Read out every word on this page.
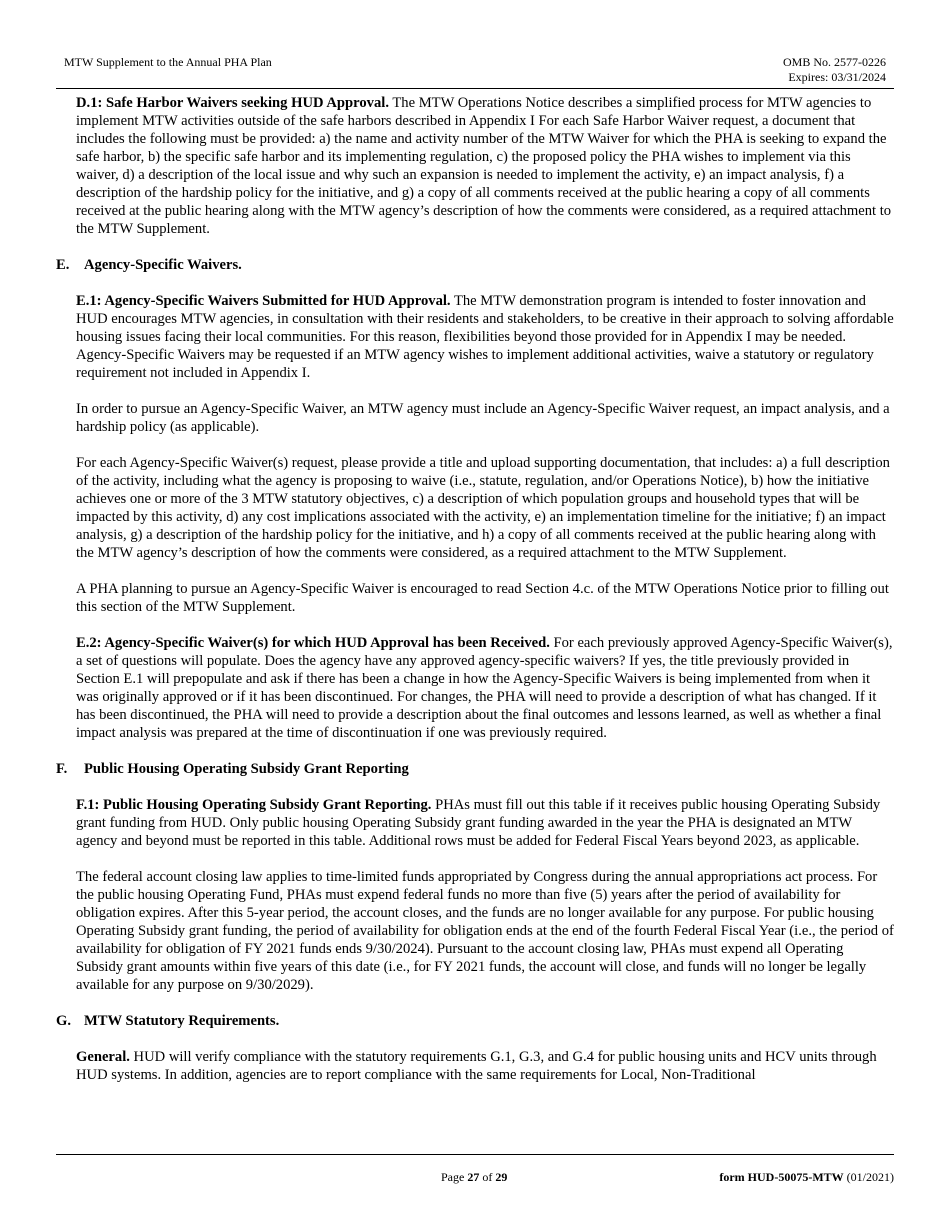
MTW Supplement to the Annual PHA Plan	OMB No. 2577-0226
Expires: 03/31/2024

D.1: Safe Harbor Waivers seeking HUD Approval. The MTW Operations Notice describes a simplified process for MTW agencies to implement MTW activities outside of the safe harbors described in Appendix I For each Safe Harbor Waiver request, a document that includes the following must be provided: a) the name and activity number of the MTW Waiver for which the PHA is seeking to expand the safe harbor, b) the specific safe harbor and its implementing regulation, c) the proposed policy the PHA wishes to implement via this waiver, d) a description of the local issue and why such an expansion is needed to implement the activity, e) an impact analysis, f) a description of the hardship policy for the initiative, and g) a copy of all comments received at the public hearing a copy of all comments received at the public hearing along with the MTW agency’s description of how the comments were considered, as a required attachment to the MTW Supplement.

E. Agency-Specific Waivers.

E.1: Agency-Specific Waivers Submitted for HUD Approval. The MTW demonstration program is intended to foster innovation and HUD encourages MTW agencies, in consultation with their residents and stakeholders, to be creative in their approach to solving affordable housing issues facing their local communities. For this reason, flexibilities beyond those provided for in Appendix I may be needed. Agency-Specific Waivers may be requested if an MTW agency wishes to implement additional activities, waive a statutory or regulatory requirement not included in Appendix I.

In order to pursue an Agency-Specific Waiver, an MTW agency must include an Agency-Specific Waiver request, an impact analysis, and a hardship policy (as applicable).

For each Agency-Specific Waiver(s) request, please provide a title and upload supporting documentation, that includes: a) a full description of the activity, including what the agency is proposing to waive (i.e., statute, regulation, and/or Operations Notice), b) how the initiative achieves one or more of the 3 MTW statutory objectives, c) a description of which population groups and household types that will be impacted by this activity, d) any cost implications associated with the activity, e) an implementation timeline for the initiative; f) an impact analysis, g) a description of the hardship policy for the initiative, and h) a copy of all comments received at the public hearing along with the MTW agency’s description of how the comments were considered, as a required attachment to the MTW Supplement.

A PHA planning to pursue an Agency-Specific Waiver is encouraged to read Section 4.c. of the MTW Operations Notice prior to filling out this section of the MTW Supplement.

E.2: Agency-Specific Waiver(s) for which HUD Approval has been Received. For each previously approved Agency-Specific Waiver(s), a set of questions will populate. Does the agency have any approved agency-specific waivers? If yes, the title previously provided in Section E.1 will prepopulate and ask if there has been a change in how the Agency-Specific Waivers is being implemented from when it was originally approved or if it has been discontinued. For changes, the PHA will need to provide a description of what has changed. If it has been discontinued, the PHA will need to provide a description about the final outcomes and lessons learned, as well as whether a final impact analysis was prepared at the time of discontinuation if one was previously required.

F. Public Housing Operating Subsidy Grant Reporting

F.1: Public Housing Operating Subsidy Grant Reporting. PHAs must fill out this table if it receives public housing Operating Subsidy grant funding from HUD. Only public housing Operating Subsidy grant funding awarded in the year the PHA is designated an MTW agency and beyond must be reported in this table. Additional rows must be added for Federal Fiscal Years beyond 2023, as applicable.

The federal account closing law applies to time-limited funds appropriated by Congress during the annual appropriations act process. For the public housing Operating Fund, PHAs must expend federal funds no more than five (5) years after the period of availability for obligation expires. After this 5-year period, the account closes, and the funds are no longer available for any purpose. For public housing Operating Subsidy grant funding, the period of availability for obligation ends at the end of the fourth Federal Fiscal Year (i.e., the period of availability for obligation of FY 2021 funds ends 9/30/2024). Pursuant to the account closing law, PHAs must expend all Operating Subsidy grant amounts within five years of this date (i.e., for FY 2021 funds, the account will close, and funds will no longer be legally available for any purpose on 9/30/2029).

G. MTW Statutory Requirements.

General. HUD will verify compliance with the statutory requirements G.1, G.3, and G.4 for public housing units and HCV units through HUD systems. In addition, agencies are to report compliance with the same requirements for Local, Non-Traditional

Page 27 of 29	form HUD-50075-MTW (01/2021)
